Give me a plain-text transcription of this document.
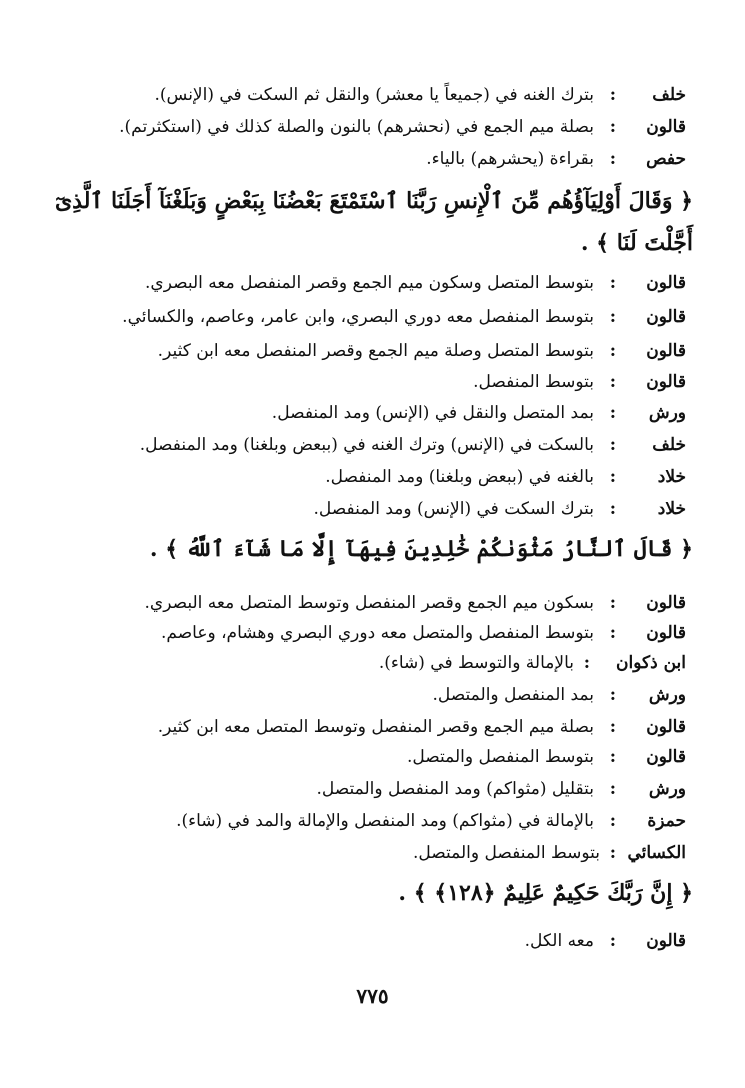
خلف
:
بترك الغنه في (جميعاً يا معشر) والنقل ثم السكت في (الإنس).
قالون
:
بصلة ميم الجمع في (نحشرهم) بالنون والصلة كذلك في (استكثرتم).
حفص
:
بقراءة (يحشرهم) بالياء.
﴿ وَقَالَ أَوْلِيَآؤُهُم مِّنَ ٱلْإِنسِ رَبَّنَا ٱسْتَمْتَعَ بَعْضُنَا بِبَعْضٍ وَبَلَغْنَآ أَجَلَنَا ٱلَّذِىٓ أَجَّلْتَ لَنَا ﴾ .
قالون
:
بتوسط المتصل وسكون ميم الجمع وقصر المنفصل معه البصري.
قالون
:
بتوسط المنفصل معه دوري البصري، وابن عامر، وعاصم، والكسائي.
قالون
:
بتوسط المتصل وصلة ميم الجمع وقصر المنفصل معه ابن كثير.
قالون
:
بتوسط المنفصل.
ورش
:
بمد المتصل والنقل في (الإنس) ومد المنفصل.
خلف
:
بالسكت في (الإنس) وترك الغنه في (ببعض وبلغنا) ومد المنفصل.
خلاد
:
بالغنه في (ببعض وبلغنا) ومد المنفصل.
خلاد
:
بترك السكت في (الإنس) ومد المنفصل.
﴿ قَالَ ٱلنَّارُ مَثْوَىٰكُمْ خَٰلِدِينَ فِيهَآ إِلَّا مَا شَآءَ ٱللَّهُ ﴾ .
قالون
:
بسكون ميم الجمع وقصر المنفصل وتوسط المتصل معه البصري.
قالون
:
بتوسط المنفصل والمتصل معه دوري البصري وهشام، وعاصم.
ابن ذكوان
:
بالإمالة والتوسط في (شاء).
ورش
:
بمد المنفصل والمتصل.
قالون
:
بصلة ميم الجمع وقصر المنفصل وتوسط المتصل معه ابن كثير.
قالون
:
بتوسط المنفصل والمتصل.
ورش
:
بتقليل (مثواكم) ومد المنفصل والمتصل.
حمزة
:
بالإمالة في (مثواكم) ومد المنفصل والإمالة والمد في (شاء).
الكسائي
:
بتوسط المنفصل والمتصل.
﴿ إِنَّ رَبَّكَ حَكِيمٌ عَلِيمٌ ﴿١٢٨﴾ ﴾ .
قالون
:
معه الكل.
٧٧٥
